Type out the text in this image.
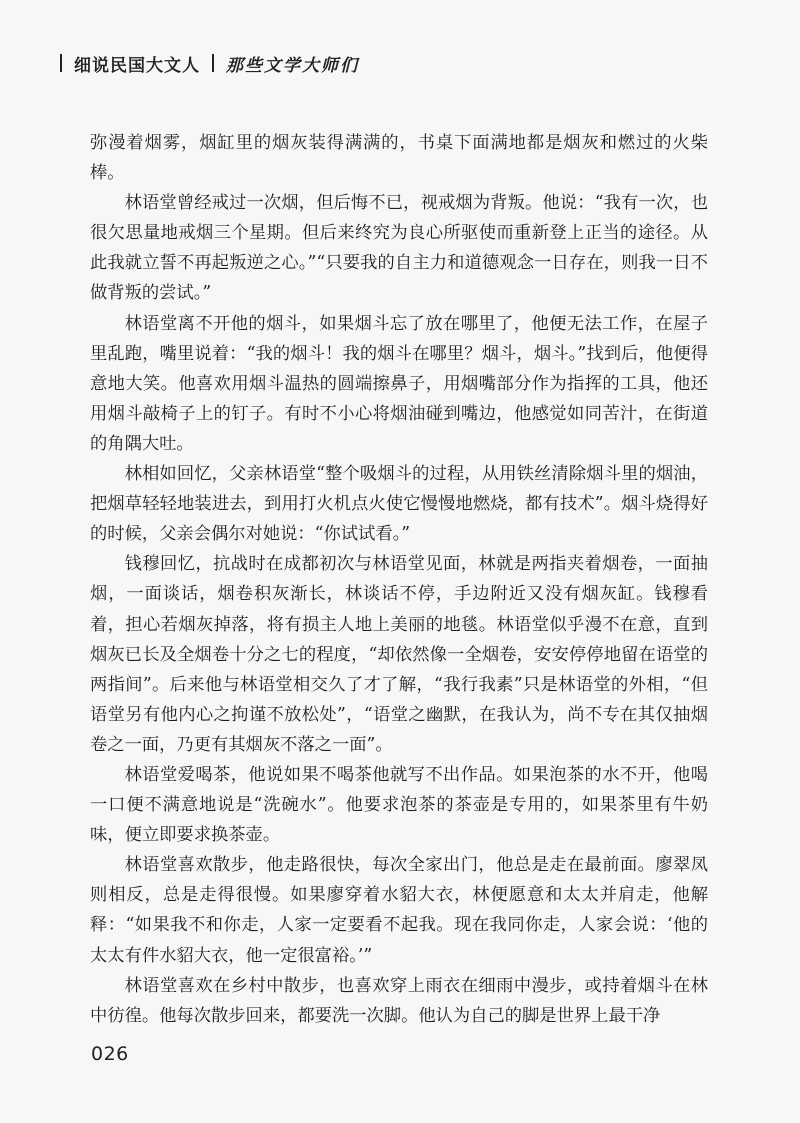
细说民国大文人 那些文学大师们

弥漫着烟雾，烟缸里的烟灰装得满满的，书桌下面满地都是烟灰和燃过的火柴棒。

林语堂曾经戒过一次烟，但后悔不已，视戒烟为背叛。他说：“我有一次，也很欠思量地戒烟三个星期。但后来终究为良心所驱使而重新登上正当的途径。从此我就立誓不再起叛逆之心。”“只要我的自主力和道德观念一日存在，则我一日不做背叛的尝试。”

林语堂离不开他的烟斗，如果烟斗忘了放在哪里了，他便无法工作，在屋子里乱跑，嘴里说着：“我的烟斗！我的烟斗在哪里？烟斗，烟斗。”找到后，他便得意地大笑。他喜欢用烟斗温热的圆端擦鼻子，用烟嘴部分作为指挥的工具，他还用烟斗敲椅子上的钉子。有时不小心将烟油碰到嘴边，他感觉如同苦汁，在街道的角隅大吐。

林相如回忆，父亲林语堂“整个吸烟斗的过程，从用铁丝清除烟斗里的烟油，把烟草轻轻地装进去，到用打火机点火使它慢慢地燃烧，都有技术”。烟斗烧得好的时候，父亲会偶尔对她说：“你试试看。”

钱穆回忆，抗战时在成都初次与林语堂见面，林就是两指夹着烟卷，一面抽烟，一面谈话，烟卷积灰渐长，林谈话不停，手边附近又没有烟灰缸。钱穆看着，担心若烟灰掉落，将有损主人地上美丽的地毯。林语堂似乎漫不在意，直到烟灰已长及全烟卷十分之七的程度，“却依然像一全烟卷，安安停停地留在语堂的两指间”。后来他与林语堂相交久了才了解，“我行我素”只是林语堂的外相，“但语堂另有他内心之拘谨不放松处”，“语堂之幽默，在我认为，尚不专在其仅抽烟卷之一面，乃更有其烟灰不落之一面”。

林语堂爱喝茶，他说如果不喝茶他就写不出作品。如果泡茶的水不开，他喝一口便不满意地说是“洗碗水”。他要求泡茶的茶壶是专用的，如果茶里有牛奶味，便立即要求换茶壶。

林语堂喜欢散步，他走路很快，每次全家出门，他总是走在最前面。廖翠凤则相反，总是走得很慢。如果廖穿着水貂大衣，林便愿意和太太并肩走，他解释：“如果我不和你走，人家一定要看不起我。现在我同你走，人家会说：‘他的太太有件水貂大衣，他一定很富裕。’”

林语堂喜欢在乡村中散步，也喜欢穿上雨衣在细雨中漫步，或持着烟斗在林中彷徨。他每次散步回来，都要洗一次脚。他认为自己的脚是世界上最干净

026
